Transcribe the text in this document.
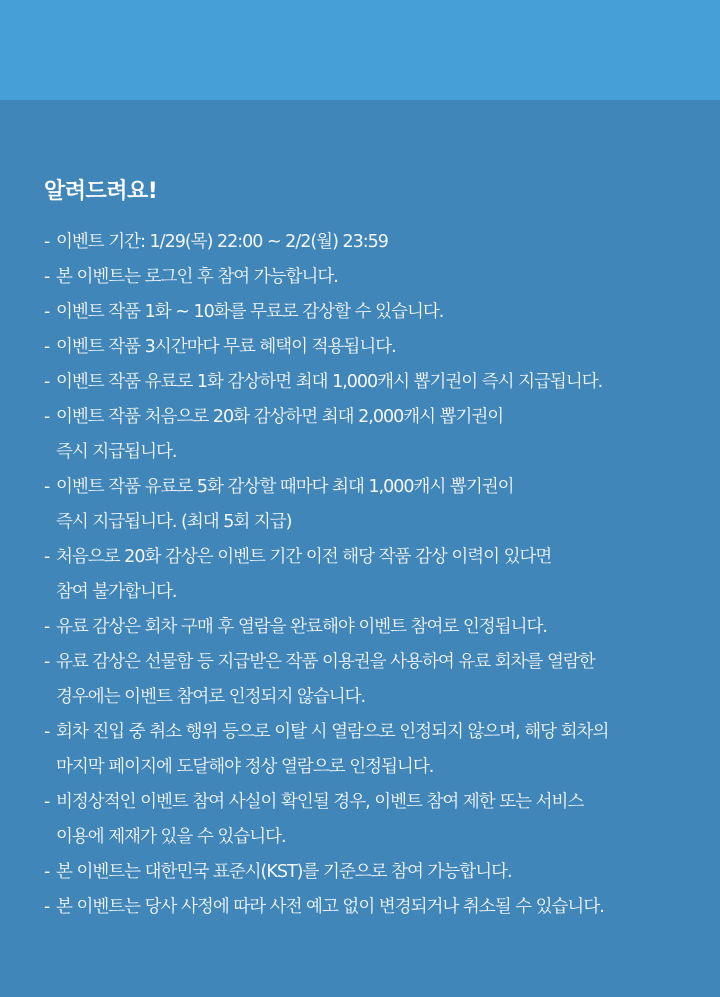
알려드려요!
- 이벤트 기간: 1/29(목) 22:00 ~ 2/2(월) 23:59
- 본 이벤트는 로그인 후 참여 가능합니다.
- 이벤트 작품 1화 ~ 10화를 무료로 감상할 수 있습니다.
- 이벤트 작품 3시간마다 무료 혜택이 적용됩니다.
- 이벤트 작품 유료로 1화 감상하면 최대 1,000캐시 뽑기권이 즉시 지급됩니다.
- 이벤트 작품 처음으로 20화 감상하면 최대 2,000캐시 뽑기권이
즉시 지급됩니다.
- 이벤트 작품 유료로 5화 감상할 때마다 최대 1,000캐시 뽑기권이
즉시 지급됩니다. (최대 5회 지급)
- 처음으로 20화 감상은 이벤트 기간 이전 해당 작품 감상 이력이 있다면
참여 불가합니다.
- 유료 감상은 회차 구매 후 열람을 완료해야 이벤트 참여로 인정됩니다.
- 유료 감상은 선물함 등 지급받은 작품 이용권을 사용하여 유료 회차를 열람한
경우에는 이벤트 참여로 인정되지 않습니다.
- 회차 진입 중 취소 행위 등으로 이탈 시 열람으로 인정되지 않으며, 해당 회차의
마지막 페이지에 도달해야 정상 열람으로 인정됩니다.
- 비정상적인 이벤트 참여 사실이 확인될 경우, 이벤트 참여 제한 또는 서비스
이용에 제재가 있을 수 있습니다.
- 본 이벤트는 대한민국 표준시(KST)를 기준으로 참여 가능합니다.
- 본 이벤트는 당사 사정에 따라 사전 예고 없이 변경되거나 취소될 수 있습니다.
